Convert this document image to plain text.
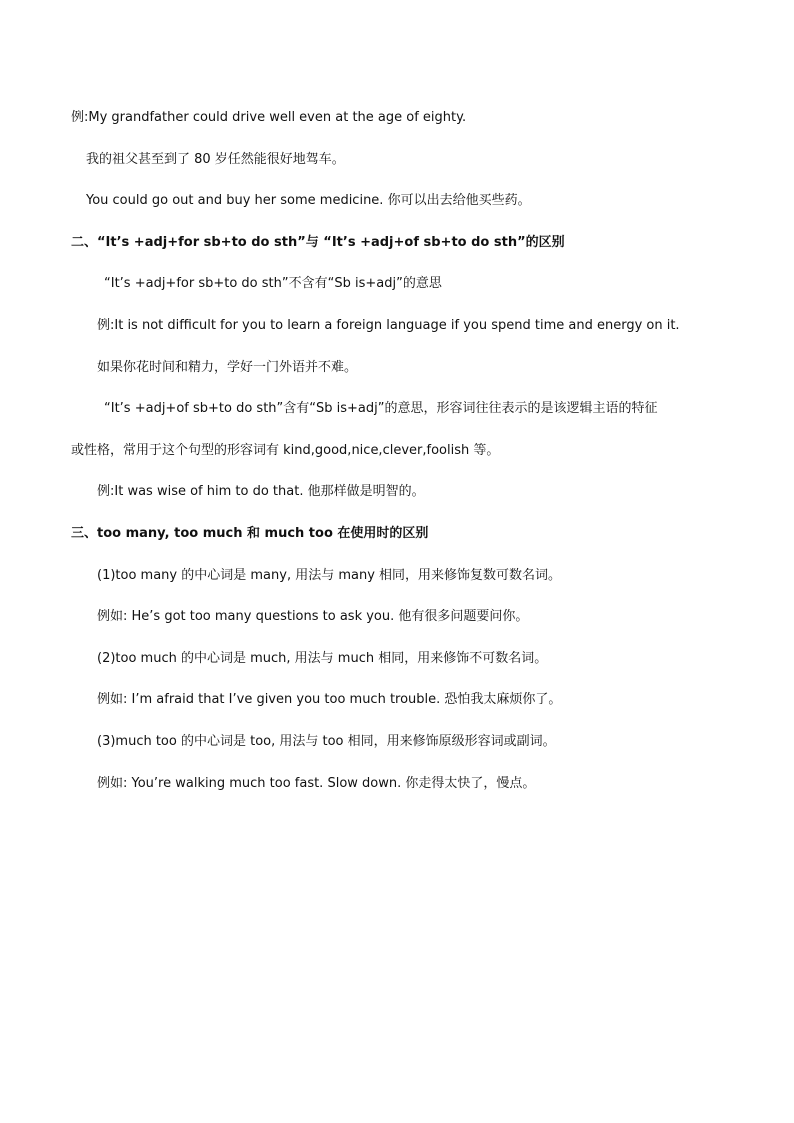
例:My grandfather could drive well even at the age of eighty.
我的祖父甚至到了 80 岁任然能很好地驾车。
You could go out and buy her some medicine. 你可以出去给他买些药。
二、“It’s +adj+for sb+to do sth”与 “It’s +adj+of sb+to do sth”的区别
“It’s +adj+for sb+to do sth”不含有“Sb is+adj”的意思
例:It is not difficult for you to learn a foreign language if you spend time and energy on it.
如果你花时间和精力，学好一门外语并不难。
“It’s +adj+of sb+to do sth”含有“Sb is+adj”的意思，形容词往往表示的是该逻辑主语的特征
或性格，常用于这个句型的形容词有 kind,good,nice,clever,foolish 等。
例:It was wise of him to do that. 他那样做是明智的。
三、too many, too much 和 much too 在使用时的区别
(1)too many 的中心词是 many, 用法与 many 相同，用来修饰复数可数名词。
例如: He’s got too many questions to ask you. 他有很多问题要问你。
(2)too much 的中心词是 much, 用法与 much 相同，用来修饰不可数名词。
例如: I’m afraid that I’ve given you too much trouble. 恐怕我太麻烦你了。
(3)much too 的中心词是 too, 用法与 too 相同，用来修饰原级形容词或副词。
例如: You’re walking much too fast. Slow down. 你走得太快了，慢点。
